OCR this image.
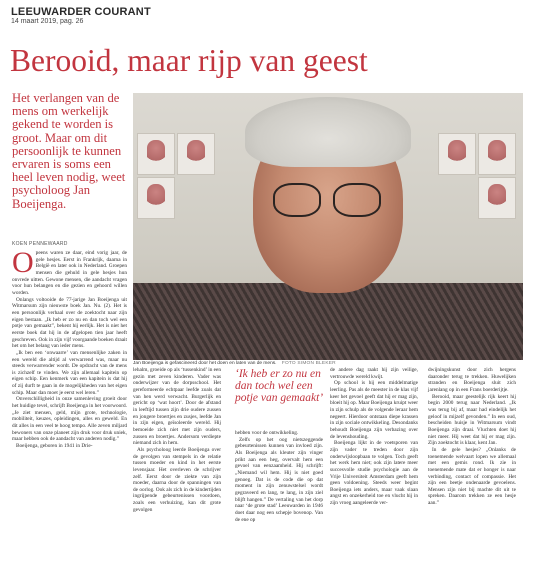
LEEUWARDER COURANT
14 maart 2019, pag. 26
Berooid, maar rijp van geest
Het verlangen van de mens om werkelijk gekend te worden is groot. Maar om dit persoonlijk te kunnen ervaren is soms een heel leven nodig, weet psycholoog Jan Boeijenga.
KOEN PENNEWAARD
O peens waren ze daar, eind vorig jaar, de gele hesjes. Eerst in Frankrijk, daarna in België en later ook in Nederland. Groepen mensen die gehuld in gele hesjes hun onvrede uitten. Gewone mensen, die aandacht vragen voor hun belangen en die gezien en gehoord willen worden.

Onlangs voltooide de 77-jarige Jan Boeijenga uit Witmarsum zijn nieuwste boek Jan. Nu. (2). Het is een persoonlijk verhaal over de zoektocht naar zijn eigen bestaan. „Ik heb er zo nu en dan toch wel een potje van gemaakt”, bekent hij eerlijk. Het is niet het eerste boek dat hij in de afgelopen tien jaar heeft geschreven. Ook in zijn vijf voorgaande boeken draait het om het belang van ieder mens.

„Ik ben een ‘onwaarre’ van mensenlijke zaken in een wereld die altijd al verwarrend was, maar nu steeds verwarrender wordt. De opdracht van de mens is zichzelf te vinden. We zijn allemaal kapitein op eigen schip. Een kenmerk van een kapitein is dat hij of zij durft te gaan in de mogelijkheden van het eigen schip. Maar dan moet je eerst wel leren.”

Onverschilligheid in onze samenleving groeit door het huidige tevel, schrijft Boeijenga in het voorwoord. „Je ziet mensen, geld, mijn grote, technologie, mobiliteit, keuzes, opleidingen, alles en geweld. En dit alles in een veel te hoog tempo. Alle zeven miljard bewoners van onze planeet zijn druk voor druk uniek, maar hebben ook de aandacht van anderen nodig.”

Boeijenga, geboren in 1941 in Drie-

Jan Boeijenga is gefascineerd door het doen en laten van de mens. FOTO SIMON BLEKER

lehalm, groeide op als ‘tussenkind’ in een gezin met zeven kinderen. Vader was onderwijzer van de dorpsschool. Het gereformeerde echtpaar leefde zoals dat van hen werd verwacht. Burgerlijk en gericht op ‘wat hoort’. Door de afstand in leeftijd tussen zijn drie oudere zussen en jongere broertjes en zusjes, leefde Jan in zijn eigen, geïsoleerde wereld. Hij bemoeide zich niet met zijn ouders, zussen en broertjes. Andersom verdiepte niemand zich in hem.

Als psycholoog leerde Boeijenga over de gevolgen van stempels in de relatie tussen moeder en kind in het eerste levensjaar. Het overleven de schrijver zelf. Eerst door de ziekte van zijn moeder, daarna door de spanningen van de oorlog. Ook als zich in de kindertijden ingrijpende gebeurtenissen voordoen, zoals een verhuizing, kan dit grote gevolgen

‘Ik heb er zo nu en dan toch wel een potje van gemaakt’

hebben voor de ontwikkeling.

Zelfs op het oog nietszeggende gebeurtenissen kunnen van invloed zijn. Als Boeijenga als kleuter zijn vinger prikt aan een heg, overvalt hem een gevoel van eenzaamheid. Hij schrijft: „Niemand wil hem. Hij is niet goed genoeg. Dat is de code die op dat moment in zijn zenuwstelsel wordt gegraveerd en lang, te lang, in zijn ziel blijft hangen.” De vertaling van het dorp naar ‘de grote stad’ Leeuwarden in 1946 doet daar nog een schepje bovenop. Van de ene op

de andere dag raakt hij zijn veilige, vertrouwde wereld kwijt.

Op school is hij een middelmatige leerling. Pas als de meester in de klas vijf keer het gevoel geeft dat hij er mag zijn, bloeit hij op. Maar Boeijenga kruipt weer in zijn schulp als de volgende leraar hem negeert. Hierdoor ontstaan diepe krassen in zijn sociale ontwikkeling. Desondanks behoudt Boeijenga zijn verbazing over de levenshouding.

Boeijenga lijkt in de voetsporen van zijn vader te treden door zijn onderwijsloopbaan te volgen. Toch geeft het werk hem niet; ook zijn latere meer succesvolle studie psychologie aan de Vrije Universiteit Amsterdam geeft hem geen voldoening. Steeds weer begint Boeijenga iets anders, maar vaak slaan angst en onzekerheid toe en vlucht hij in zijn vroeg aangeleerde ver-

dwijningskunst door zich hergens daaronder terug te trekken. Huwelijken stranden en Boeijenga sluit zich jarenlang op in een Frans boerderijtje.

Berooid, maar geestelijk rijk keert hij begin 2000 terug naar Nederland. „Ik was terug bij af, maar had eindelijk het geloof in mijzelf gevonden.” In een oud, bescheiden huisje in Witmarsum vindt Boeijenga zijn draai. Vluchten doet hij niet meer. Hij weet dat hij er mag zijn. Zijn zoektocht is klaar, kent Jan.

In de gele hesjes? „Onlanks de toenemende welvaart lopen we allemaal met een gemis rond. Ik zie in toenemende mate dat er honger is naar verbinding, contact of compassie. Het zijn een beetje ondenaarde gevoelens. Mensen zijn niet bij machte dit uit te spreken. Daarom trekken ze een hesje aan.”
